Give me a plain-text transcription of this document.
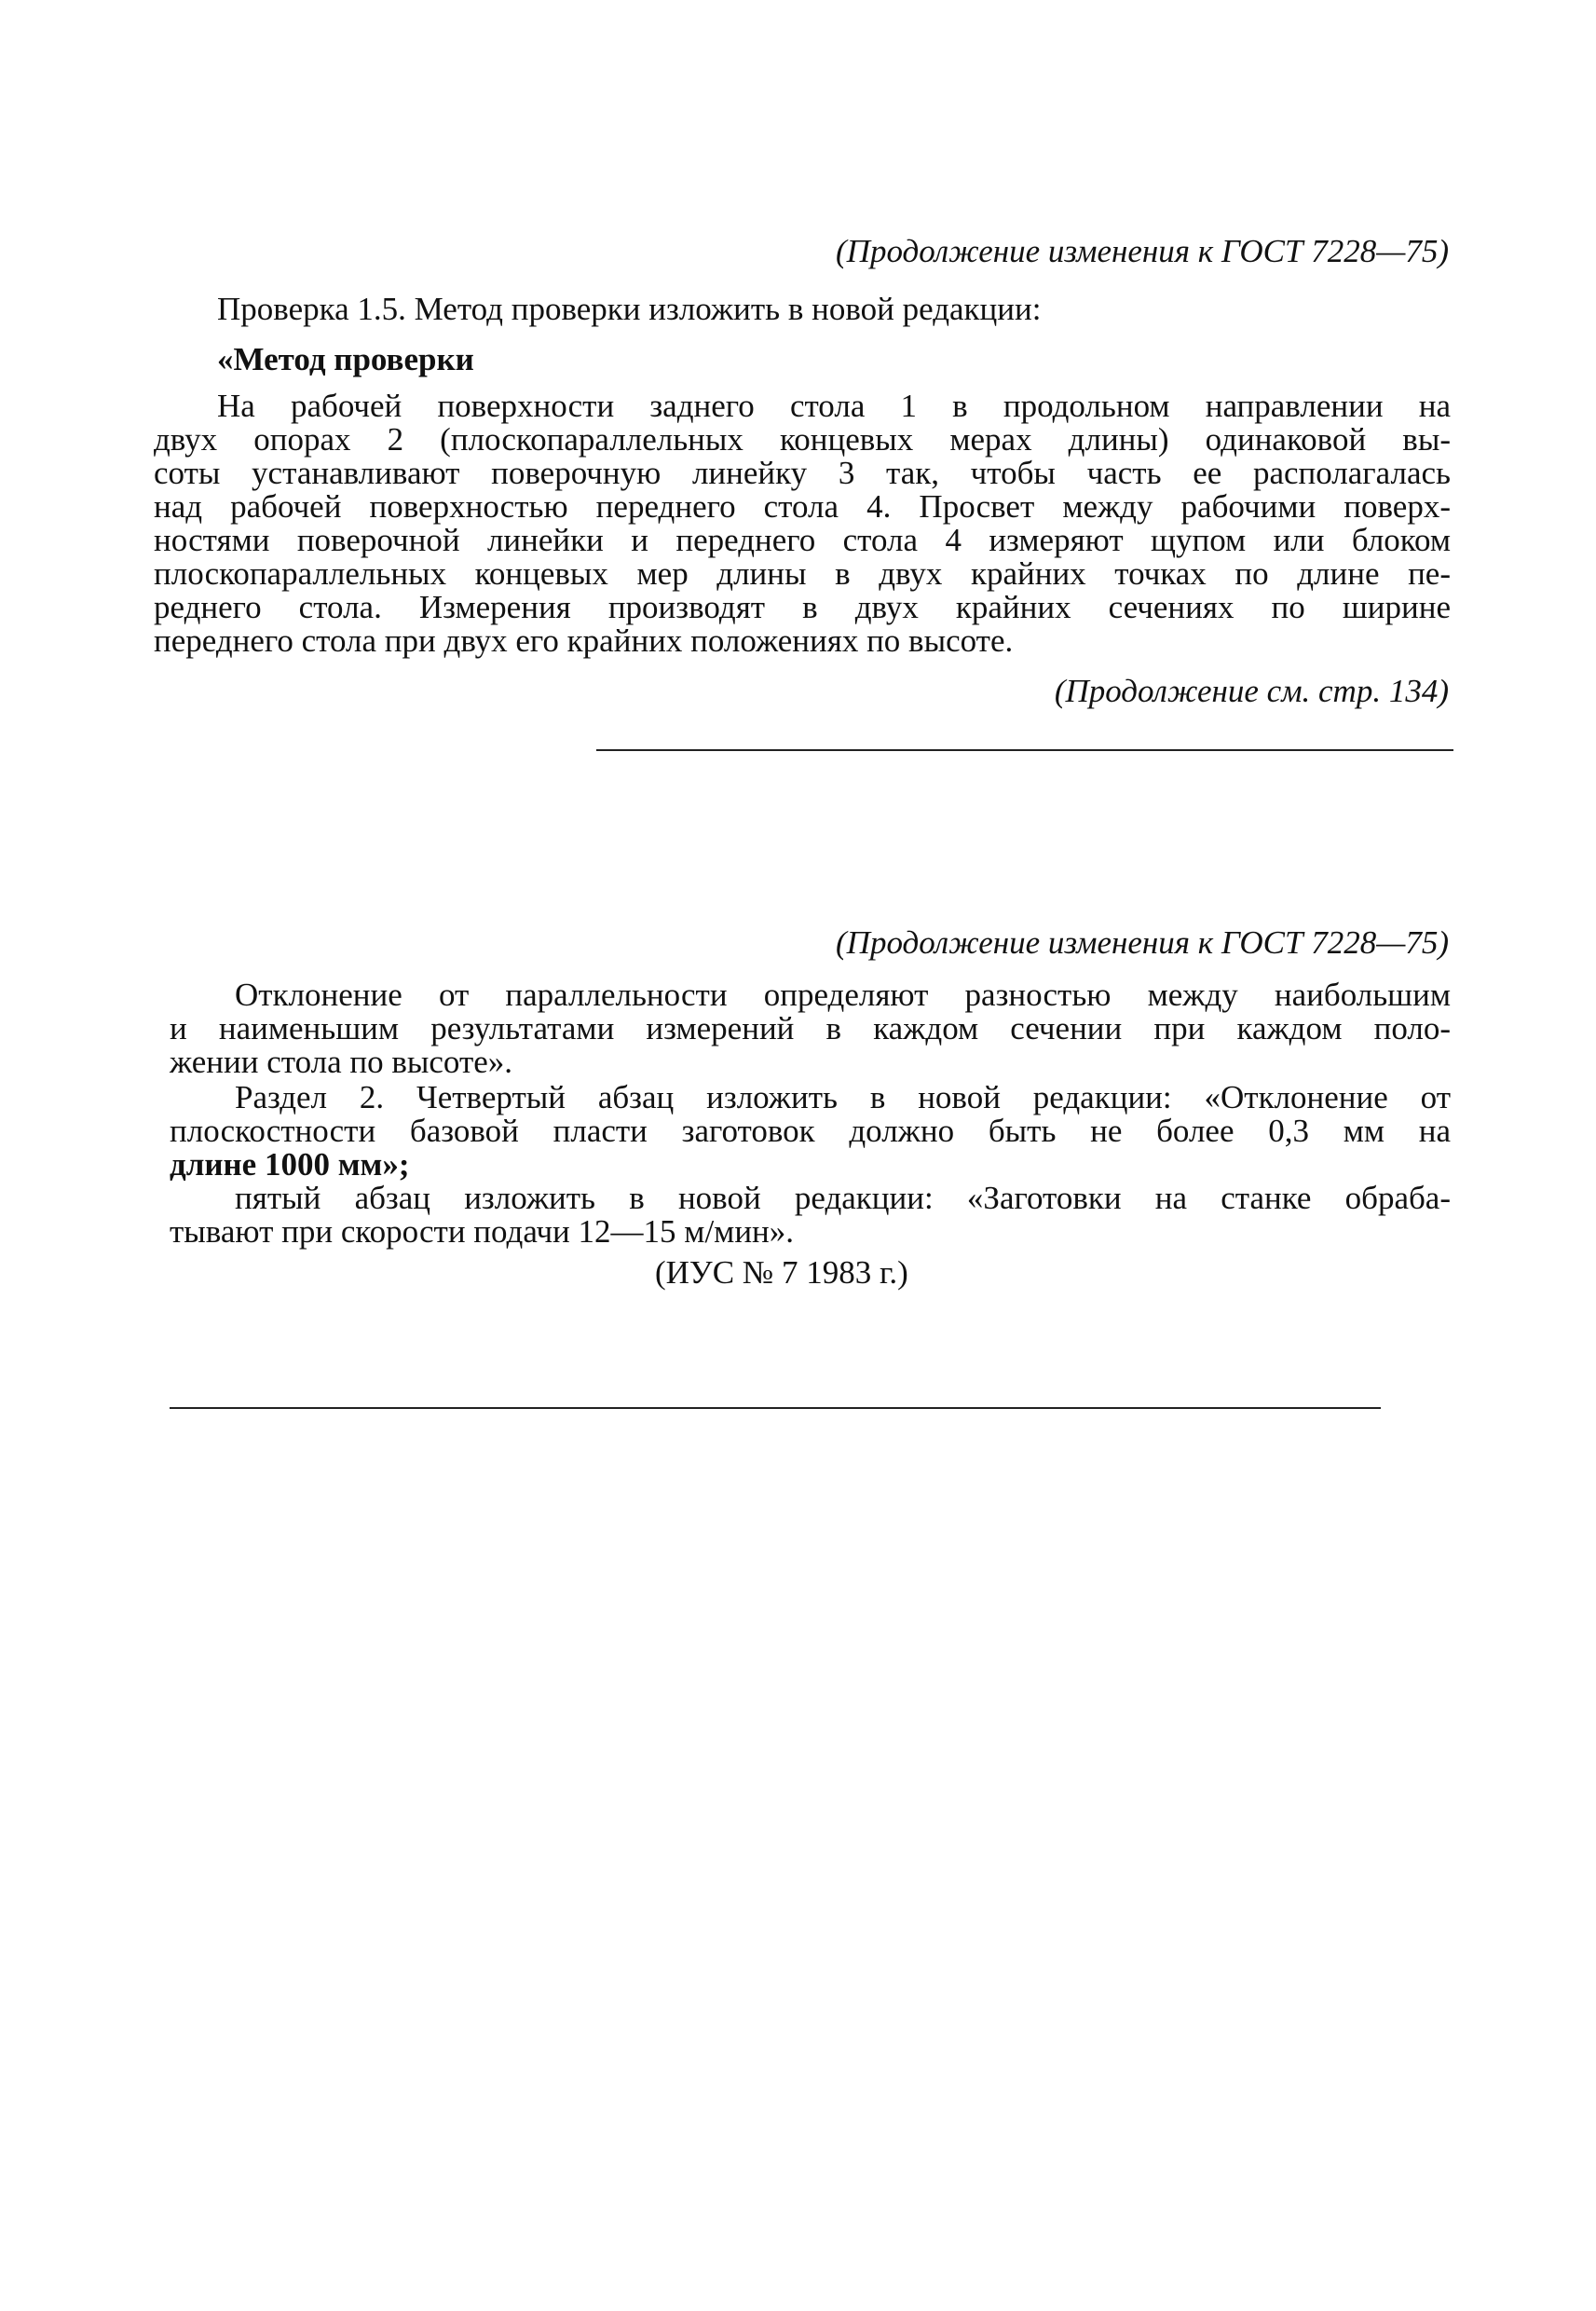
(Продолжение изменения к ГОСТ 7228—75)
Проверка 1.5. Метод проверки изложить в новой редакции:
«Метод проверки
На рабочей поверхности заднего стола 1 в продольном направлении на
двух опорах 2 (плоскопараллельных концевых мерах длины) одинаковой вы-
соты устанавливают поверочную линейку 3 так, чтобы часть ее располагалась
над рабочей поверхностью переднего стола 4. Просвет между рабочими поверх-
ностями поверочной линейки и переднего стола 4 измеряют щупом или блоком
плоскопараллельных концевых мер длины в двух крайних точках по длине пе-
реднего стола. Измерения производят в двух крайних сечениях по ширине
переднего стола при двух его крайних положениях по высоте.
(Продолжение см. стр. 134)
(Продолжение изменения к ГОСТ 7228—75)
Отклонение от параллельности определяют разностью между наибольшим
и наименьшим результатами измерений в каждом сечении при каждом поло-
жении стола по высоте».
Раздел 2. Четвертый абзац изложить в новой редакции: «Отклонение от
плоскостности базовой пласти заготовок должно быть не более 0,3 мм на
длине 1000 мм»;
пятый абзац изложить в новой редакции: «Заготовки на станке обраба-
тывают при скорости подачи 12—15 м/мин».
(ИУС № 7 1983 г.)
